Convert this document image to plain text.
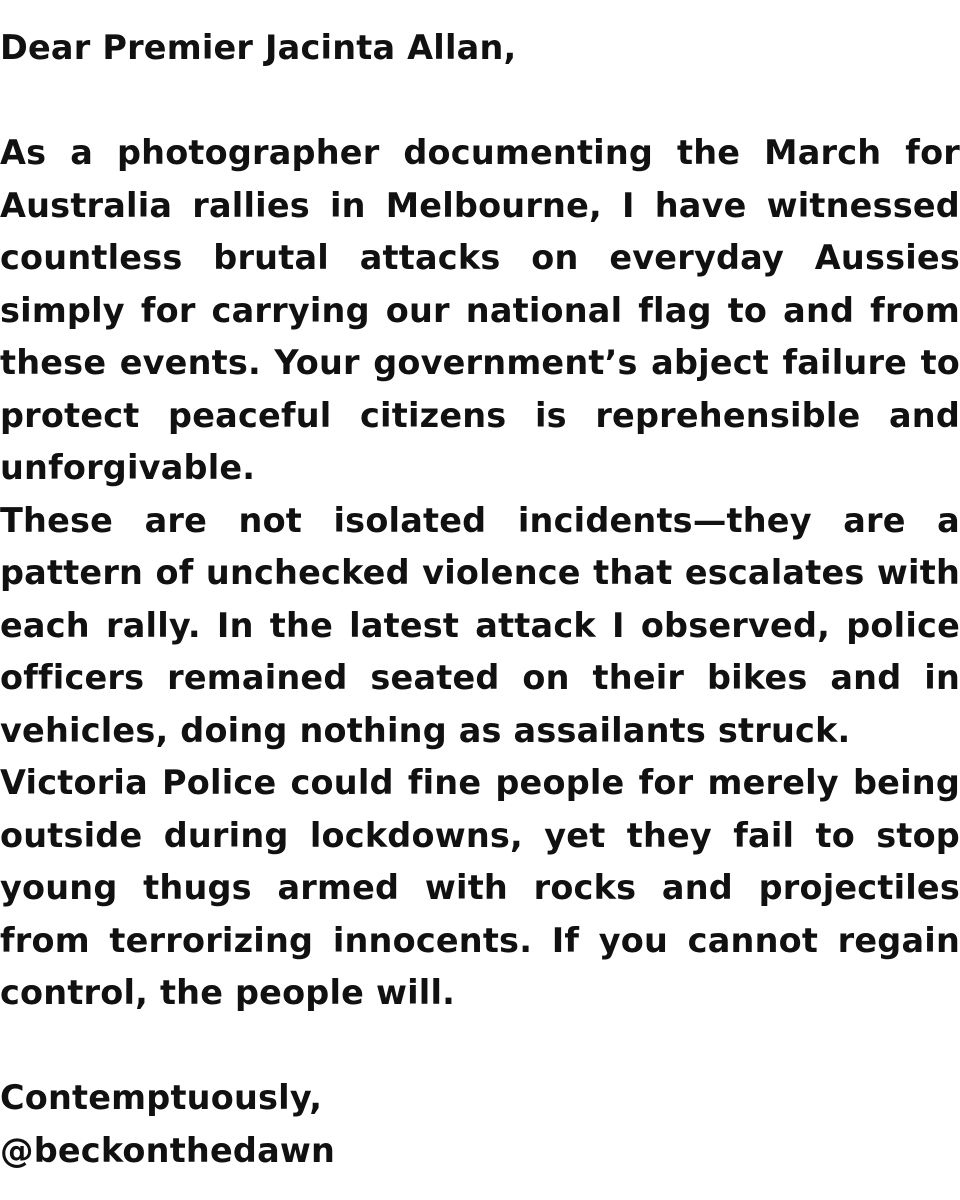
Dear Premier Jacinta Allan,

As a photographer documenting the March for Australia rallies in Melbourne, I have witnessed countless brutal attacks on everyday Aussies simply for carrying our national flag to and from these events. Your government’s abject failure to protect peaceful citizens is reprehensible and unforgivable.

These are not isolated incidents—they are a pattern of unchecked violence that escalates with each rally. In the latest attack I observed, police officers remained seated on their bikes and in vehicles, doing nothing as assailants struck.

Victoria Police could fine people for merely being outside during lockdowns, yet they fail to stop young thugs armed with rocks and projectiles from terrorizing innocents. If you cannot regain control, the people will.

Contemptuously,

@beckonthedawn
